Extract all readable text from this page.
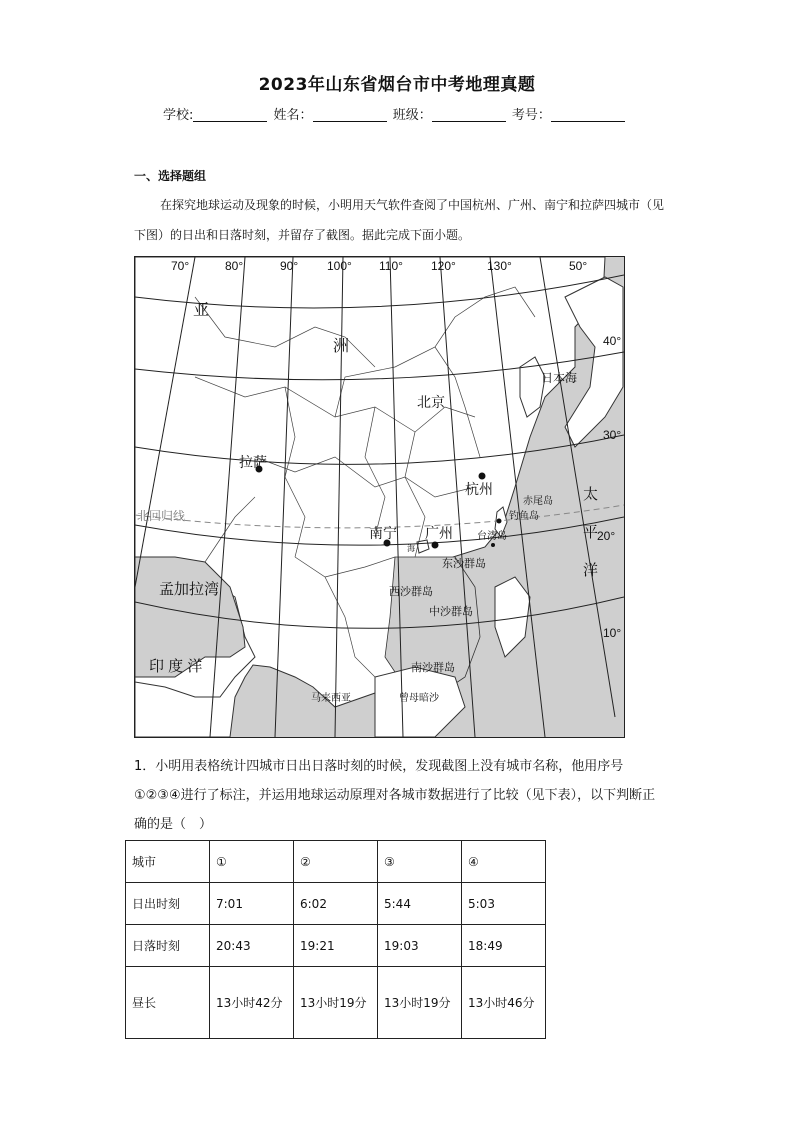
2023年山东省烟台市中考地理真题
学校:	姓名：	班级：	考号：
一、选择题组
在探究地球运动及现象的时候，小明用天气软件查阅了中国杭州、广州、南宁和拉萨四城市（见下图）的日出和日落时刻，并留存了截图。据此完成下面小题。
70°	80°	90° 100° 110° 120°	130°	50°
40°
30°
20°
10°
亚
洲
日本海
太
平
洋
孟加拉湾
印 度 洋
北回归线
北京
拉萨
杭州
南宁 广州
赤尾岛
钓鱼岛
台湾岛
海
东沙群岛
西沙群岛
中沙群岛
南沙群岛
曾母暗沙
马来西亚
1．小明用表格统计四城市日出日落时刻的时候，发现截图上没有城市名称，他用序号①②③④进行了标注，并运用地球运动原理对各城市数据进行了比较（见下表），以下判断正确的是（　）
城市	①	②	③	④
日出时刻	7:01	6:02	5:44	5:03
日落时刻	20:43	19:21	19:03	18:49
昼长	13小时42分	13小时19分	13小时19分	13小时46分
